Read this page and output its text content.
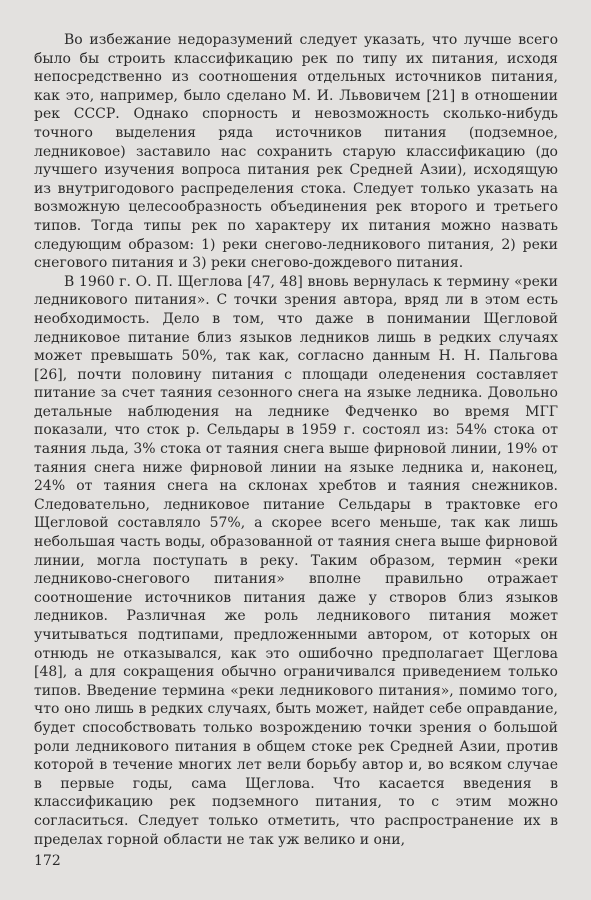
Во избежание недоразумений следует указать, что лучше всего было бы строить классификацию рек по типу их питания, исходя непосредственно из соотношения отдельных источников питания, как это, например, было сделано М. И. Львовичем [21] в отношении рек СССР. Однако спорность и невозможность сколько-нибудь точного выделения ряда источников питания (подземное, ледниковое) заставило нас сохранить старую классификацию (до лучшего изучения вопроса питания рек Средней Азии), исходящую из внутригодового распределения стока. Следует только указать на возможную целесообразность объединения рек второго и третьего типов. Тогда типы рек по характеру их питания можно назвать следующим образом: 1) реки снегово-ледникового питания, 2) реки снегового питания и 3) реки снегово-дождевого питания.

В 1960 г. О. П. Щеглова [47, 48] вновь вернулась к термину «реки ледникового питания». С точки зрения автора, вряд ли в этом есть необходимость. Дело в том, что даже в понимании Щегловой ледниковое питание близ языков ледников лишь в редких случаях может превышать 50%, так как, согласно данным Н. Н. Пальгова [26], почти половину питания с площади оледенения составляет питание за счет таяния сезонного снега на языке ледника. Довольно детальные наблюдения на леднике Федченко во время МГГ показали, что сток р. Сельдары в 1959 г. состоял из: 54% стока от таяния льда, 3% стока от таяния снега выше фирновой линии, 19% от таяния снега ниже фирновой линии на языке ледника и, наконец, 24% от таяния снега на склонах хребтов и таяния снежников. Следовательно, ледниковое питание Сельдары в трактовке его Щегловой составляло 57%, а скорее всего меньше, так как лишь небольшая часть воды, образованной от таяния снега выше фирновой линии, могла поступать в реку. Таким образом, термин «реки ледниково-снегового питания» вполне правильно отражает соотношение источников питания даже у створов близ языков ледников. Различная же роль ледникового питания может учитываться подтипами, предложенными автором, от которых он отнюдь не отказывался, как это ошибочно предполагает Щеглова [48], а для сокращения обычно ограничивался приведением только типов. Введение термина «реки ледникового питания», помимо того, что оно лишь в редких случаях, быть может, найдет себе оправдание, будет способствовать только возрождению точки зрения о большой роли ледникового питания в общем стоке рек Средней Азии, против которой в течение многих лет вели борьбу автор и, во всяком случае в первые годы, сама Щеглова. Что касается введения в классификацию рек подземного питания, то с этим можно согласиться. Следует только отметить, что распространение их в пределах горной области не так уж велико и они,

172
